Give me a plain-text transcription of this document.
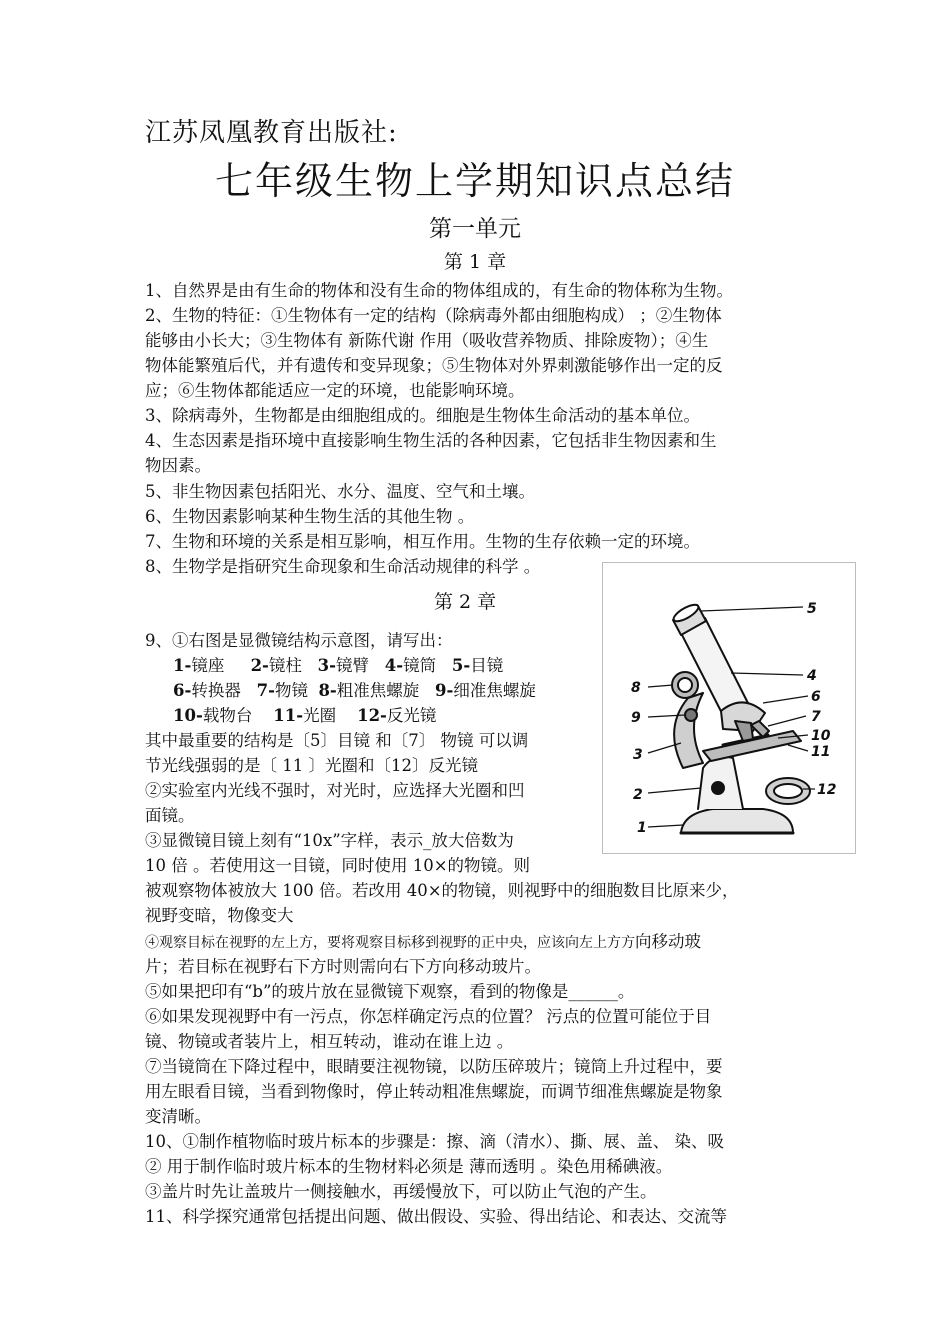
江苏凤凰教育出版社:
七年级生物上学期知识点总结
第一单元
第 1 章
1、自然界是由有生命的物体和没有生命的物体组成的，有生命的物体称为生物。
2、生物的特征：①生物体有一定的结构（除病毒外都由细胞构成） ；②生物体
能够由小长大；③生物体有 新陈代谢 作用（吸收营养物质、排除废物）；④生
物体能繁殖后代，并有遗传和变异现象；⑤生物体对外界刺激能够作出一定的反
应；⑥生物体都能适应一定的环境，也能影响环境。
3、除病毒外，生物都是由细胞组成的。细胞是生物体生命活动的基本单位。
4、生态因素是指环境中直接影响生物生活的各种因素，它包括非生物因素和生
物因素。
5、非生物因素包括阳光、水分、温度、空气和土壤。
6、生物因素影响某种生物生活的其他生物 。
7、生物和环境的关系是相互影响，相互作用。生物的生存依赖一定的环境。
8、生物学是指研究生命现象和生命活动规律的科学 。
第 2 章
9、①右图是显微镜结构示意图，请写出：
1-镜座 2-镜柱 3-镜臂 4-镜筒 5-目镜
6-转换器 7-物镜 8-粗准焦螺旋 9-细准焦螺旋
10-载物台 11-光圈 12-反光镜
其中最重要的结构是〔5〕目镜 和〔7〕 物镜 可以调
节光线强弱的是〔 11 〕光圈和〔12〕反光镜
②实验室内光线不强时，对光时，应选择大光圈和凹
面镜。
③显微镜目镜上刻有“10x”字样，表示_放大倍数为
10 倍 。若使用这一目镜，同时使用 10×的物镜。则
被观察物体被放大 100 倍。若改用 40×的物镜，则视野中的细胞数目比原来少，
视野变暗，物像变大
④观察目标在视野的左上方，要将观察目标移到视野的正中央，应该向左上方方向移动玻
片；若目标在视野右下方时则需向右下方向移动玻片。
⑤如果把印有“b”的玻片放在显微镜下观察，看到的物像是______。
⑥如果发现视野中有一污点，你怎样确定污点的位置？ 污点的位置可能位于目
镜、物镜或者装片上，相互转动，谁动在谁上边 。
⑦当镜筒在下降过程中，眼睛要注视物镜，以防压碎玻片；镜筒上升过程中，要
用左眼看目镜，当看到物像时，停止转动粗准焦螺旋，而调节细准焦螺旋是物象
变清晰。
10、①制作植物临时玻片标本的步骤是：擦、滴（清水）、撕、展、盖、 染、吸
② 用于制作临时玻片标本的生物材料必须是 薄而透明 。染色用稀碘液。
③盖片时先让盖玻片一侧接触水，再缓慢放下，可以防止气泡的产生。
11、科学探究通常包括提出问题、做出假设、实验、得出结论、和表达、交流等
5
4
6
7
10
11
12
8
9
3
2
1
